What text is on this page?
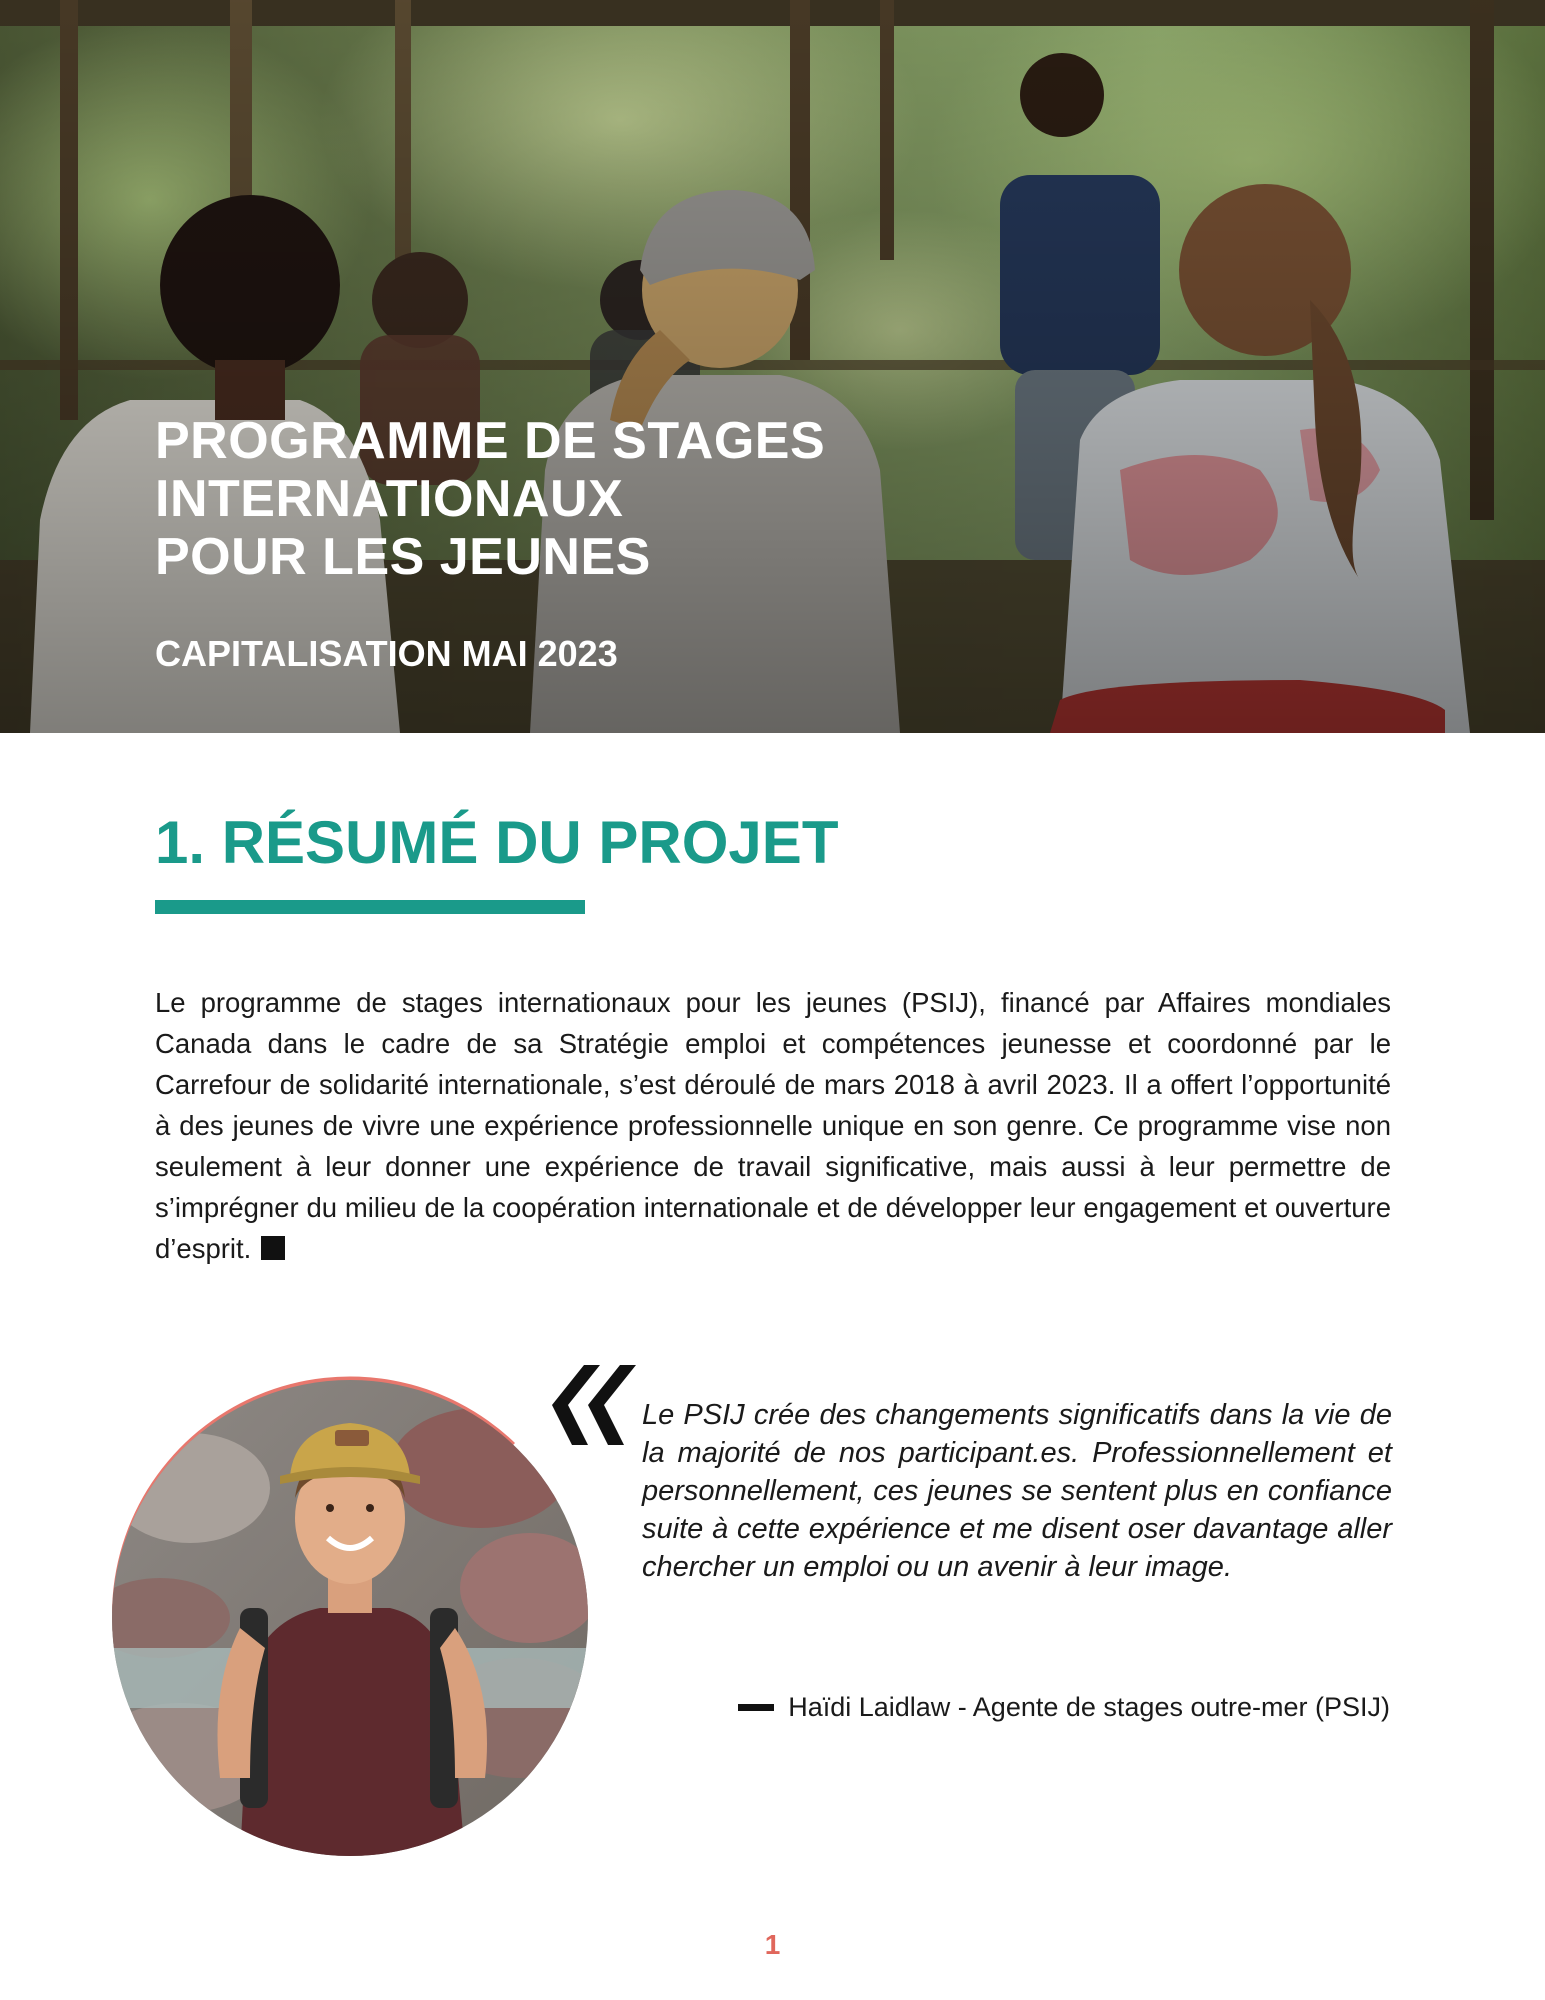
PROGRAMME DE STAGES
INTERNATIONAUX
POUR LES JEUNES

CAPITALISATION MAI 2023

1. RÉSUMÉ DU PROJET

Le programme de stages internationaux pour les jeunes (PSIJ), financé par Affaires mondiales Canada dans le cadre de sa Stratégie emploi et compétences jeunesse et coordonné par le Carrefour de solidarité internationale, s’est déroulé de mars 2018 à avril 2023. Il a offert l’opportunité à des jeunes de vivre une expérience professionnelle unique en son genre. Ce programme vise non seulement à leur donner une expérience de travail significative, mais aussi à leur permettre de s’imprégner du milieu de la coopération internationale et de développer leur engagement et ouverture d’esprit.

Le PSIJ crée des changements significatifs dans la vie de la majorité de nos participant.es. Professionnellement et personnellement, ces jeunes se sentent plus en confiance suite à cette expérience et me disent oser davantage aller chercher un emploi ou un avenir à leur image.

Haïdi Laidlaw - Agente de stages outre-mer (PSIJ)

1
